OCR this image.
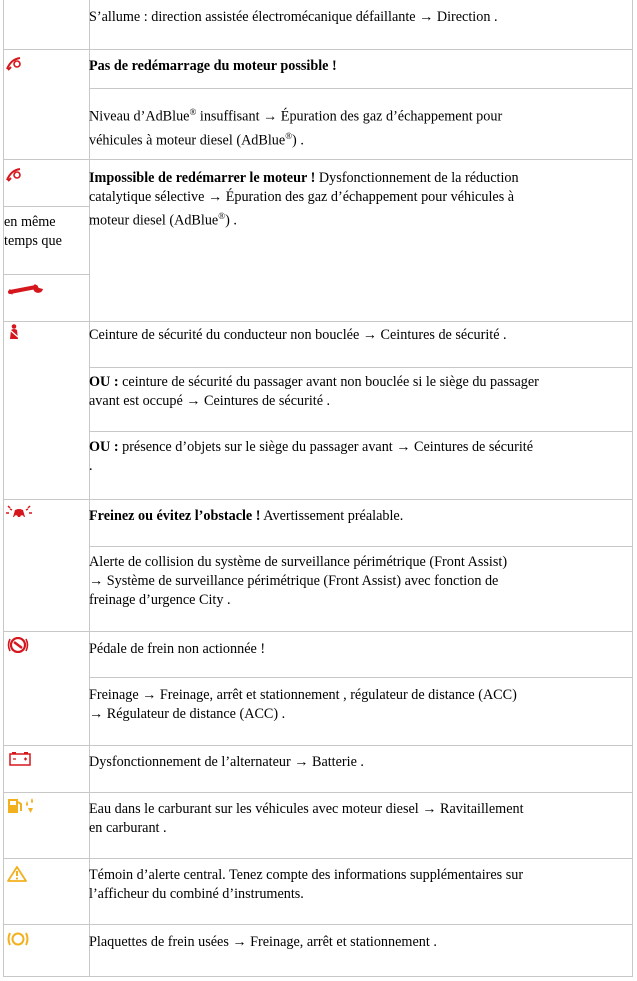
S’allume : direction assistée électromécanique défaillante → Direction .
Pas de redémarrage du moteur possible !
Niveau d’AdBlue® insuffisant → Épuration des gaz d’échappement pour
véhicules à moteur diesel (AdBlue®) .
Impossible de redémarrer le moteur ! Dysfonctionnement de la réduction
catalytique sélective → Épuration des gaz d’échappement pour véhicules à
moteur diesel (AdBlue®) .
en même temps que
Ceinture de sécurité du conducteur non bouclée → Ceintures de sécurité .
OU : ceinture de sécurité du passager avant non bouclée si le siège du passager
avant est occupé → Ceintures de sécurité .
OU : présence d’objets sur le siège du passager avant → Ceintures de sécurité
.
Freinez ou évitez l’obstacle ! Avertissement préalable.
Alerte de collision du système de surveillance périmétrique (Front Assist)
→ Système de surveillance périmétrique (Front Assist) avec fonction de
freinage d’urgence City .
Pédale de frein non actionnée !
Freinage → Freinage, arrêt et stationnement , régulateur de distance (ACC)
→ Régulateur de distance (ACC) .
Dysfonctionnement de l’alternateur → Batterie .
Eau dans le carburant sur les véhicules avec moteur diesel → Ravitaillement
en carburant .
Témoin d’alerte central. Tenez compte des informations supplémentaires sur
l’afficheur du combiné d’instruments.
Plaquettes de frein usées → Freinage, arrêt et stationnement .
